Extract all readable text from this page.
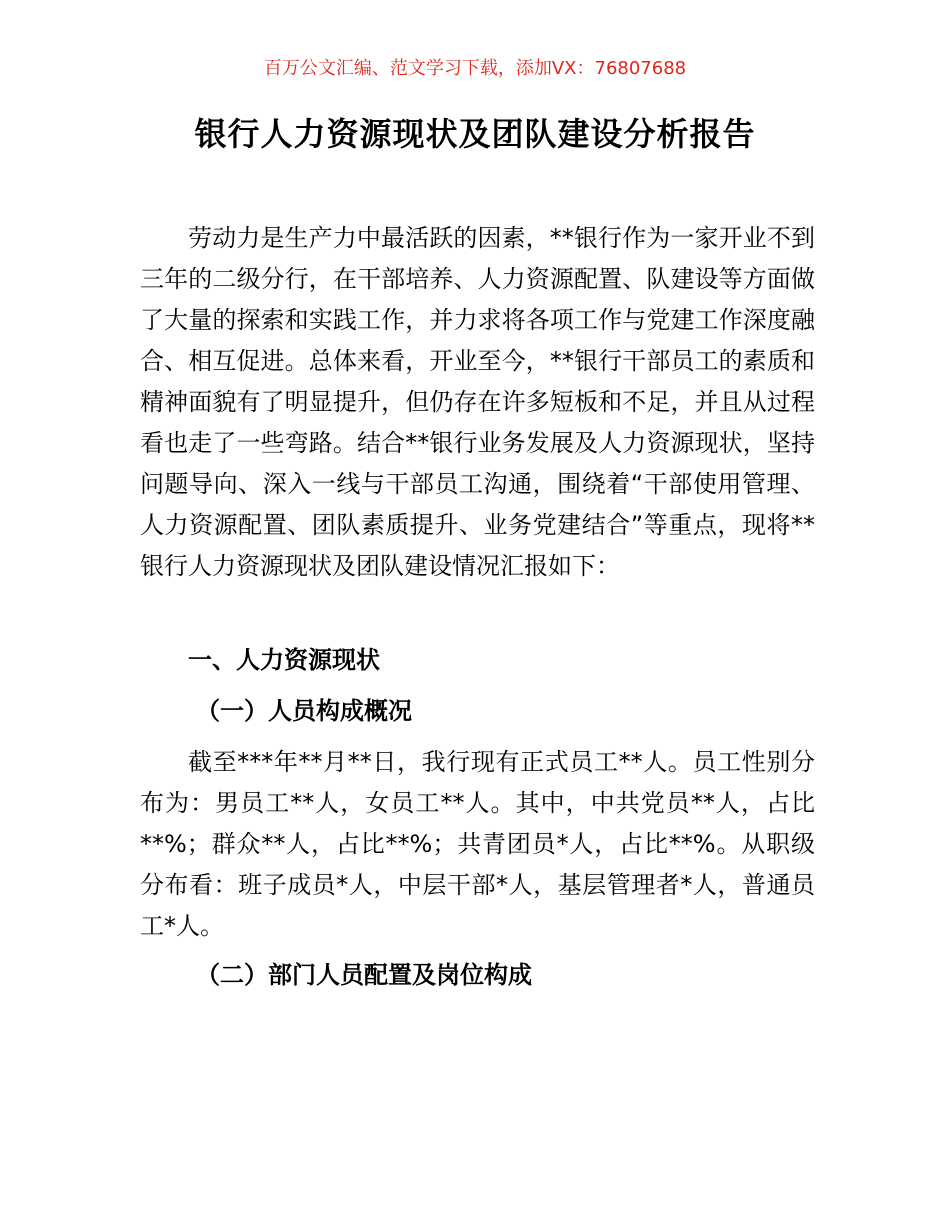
百万公文汇编、范文学习下载，添加VX：76807688
银行人力资源现状及团队建设分析报告

劳动力是生产力中最活跃的因素，**银行作为一家开业不到三年的二级分行，在干部培养、人力资源配置、队建设等方面做了大量的探索和实践工作，并力求将各项工作与党建工作深度融合、相互促进。总体来看，开业至今，**银行干部员工的素质和精神面貌有了明显提升，但仍存在许多短板和不足，并且从过程看也走了一些弯路。结合**银行业务发展及人力资源现状，坚持问题导向、深入一线与干部员工沟通，围绕着“干部使用管理、人力资源配置、团队素质提升、业务党建结合”等重点，现将**银行人力资源现状及团队建设情况汇报如下：

一、人力资源现状
（一）人员构成概况

截至***年**月**日，我行现有正式员工**人。员工性别分布为：男员工**人，女员工**人。其中，中共党员**人，占比**%；群众**人，占比**%；共青团员*人，占比**%。从职级分布看：班子成员*人，中层干部*人，基层管理者*人，普通员工*人。

（二）部门人员配置及岗位构成
